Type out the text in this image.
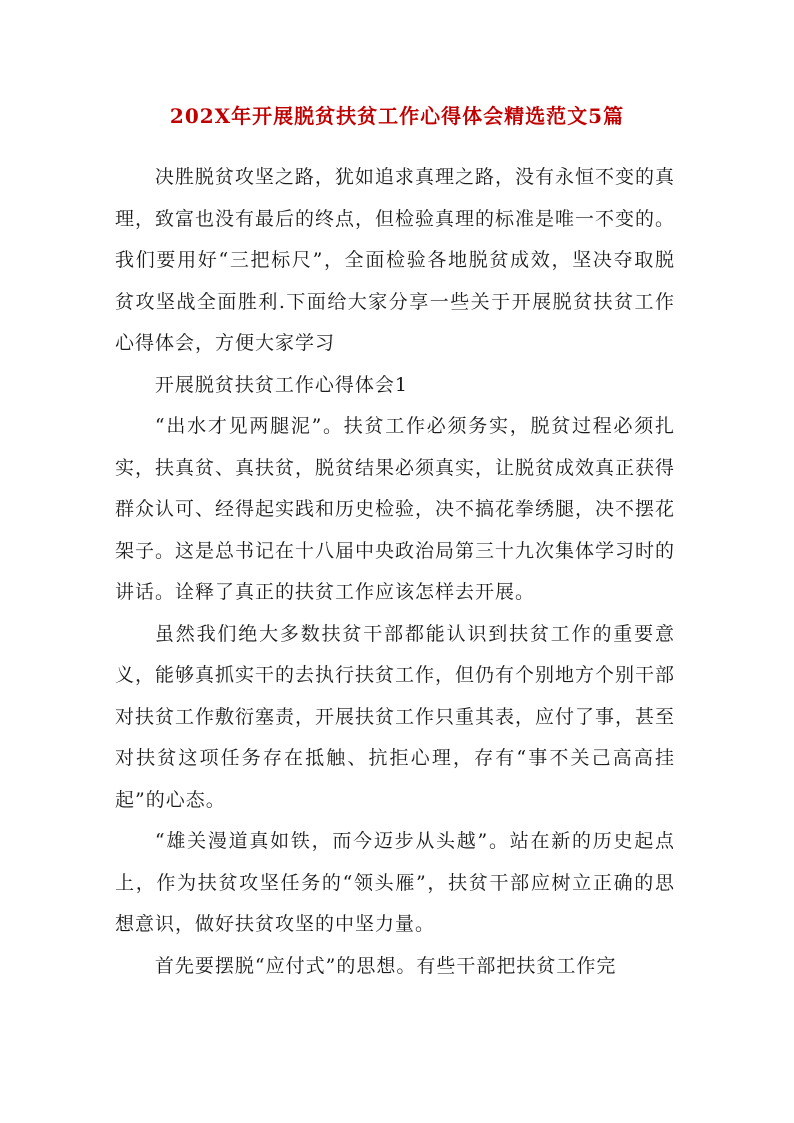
202X年开展脱贫扶贫工作心得体会精选范文5篇

决胜脱贫攻坚之路，犹如追求真理之路，没有永恒不变的真理，致富也没有最后的终点，但检验真理的标准是唯一不变的。我们要用好“三把标尺”，全面检验各地脱贫成效，坚决夺取脱贫攻坚战全面胜利.下面给大家分享一些关于开展脱贫扶贫工作心得体会，方便大家学习

开展脱贫扶贫工作心得体会1

“出水才见两腿泥”。扶贫工作必须务实，脱贫过程必须扎实，扶真贫、真扶贫，脱贫结果必须真实，让脱贫成效真正获得群众认可、经得起实践和历史检验，决不搞花拳绣腿，决不摆花架子。这是总书记在十八届中央政治局第三十九次集体学习时的讲话。诠释了真正的扶贫工作应该怎样去开展。

虽然我们绝大多数扶贫干部都能认识到扶贫工作的重要意义，能够真抓实干的去执行扶贫工作，但仍有个别地方个别干部对扶贫工作敷衍塞责，开展扶贫工作只重其表，应付了事，甚至对扶贫这项任务存在抵触、抗拒心理，存有“事不关己高高挂起”的心态。

“雄关漫道真如铁，而今迈步从头越”。站在新的历史起点上，作为扶贫攻坚任务的“领头雁”，扶贫干部应树立正确的思想意识，做好扶贫攻坚的中坚力量。

首先要摆脱“应付式”的思想。有些干部把扶贫工作完
